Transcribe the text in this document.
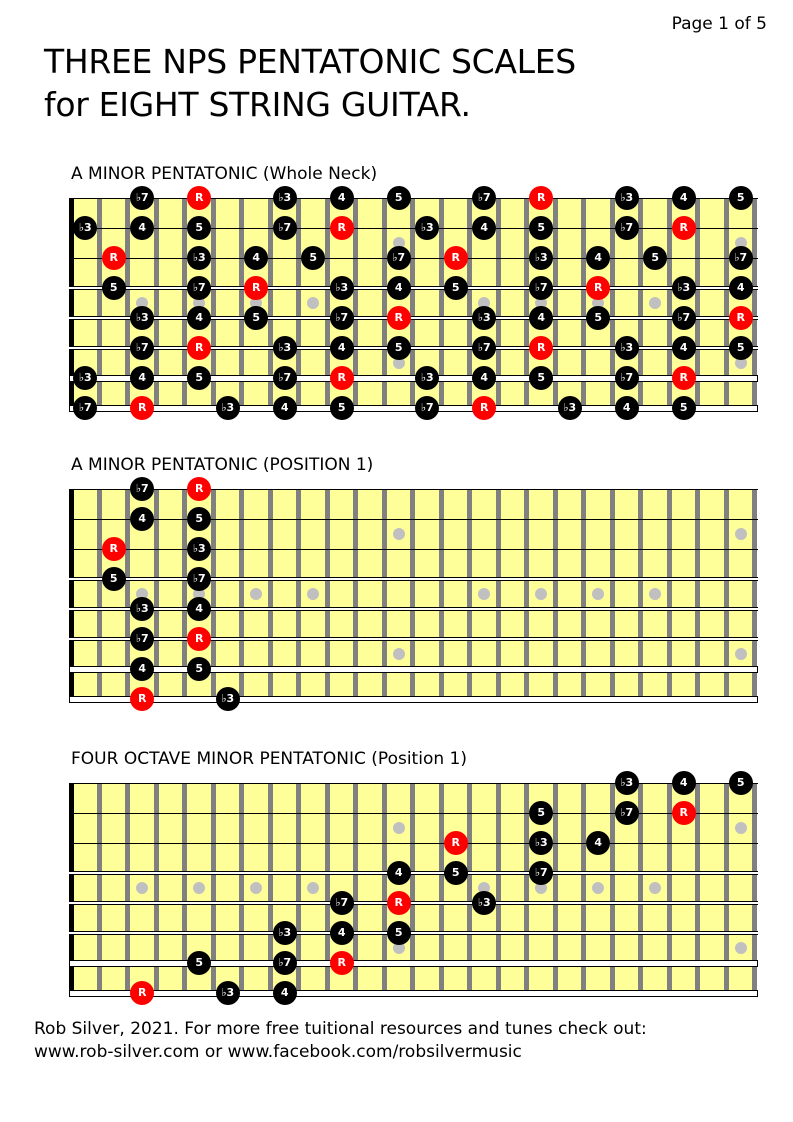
Page 1 of 5
THREE NPS PENTATONIC SCALES
for EIGHT STRING GUITAR.
A MINOR PENTATONIC (Whole Neck)
♭7	R	♭3	4	5	♭7	R	♭3	4	5
♭3	4	5	♭7	R	♭3	4	5	♭7	R
R	♭3	4	5	♭7	R	♭3	4	5	♭7
5	♭7	R	♭3	4	5	♭7	R	♭3	4
♭3	4	5	♭7	R	♭3	4	5	♭7	R
♭7	R	♭3	4	5	♭7	R	♭3	4	5
♭3	4	5	♭7	R	♭3	4	5	♭7	R
♭7	R	♭3	4	5	♭7	R	♭3	4	5
A MINOR PENTATONIC (POSITION 1)
♭7	R
4	5
R	♭3
5	♭7
♭3	4
♭7	R
4	5
R	♭3
FOUR OCTAVE MINOR PENTATONIC (Position 1)
♭3	4	5
5	♭7	R
R	♭3	4
4	5	♭7
♭7	R	♭3
♭3	4	5
5	♭7	R
R	♭3	4
Rob Silver, 2021. For more free tuitional resources and tunes check out:
www.rob-silver.com or www.facebook.com/robsilvermusic
